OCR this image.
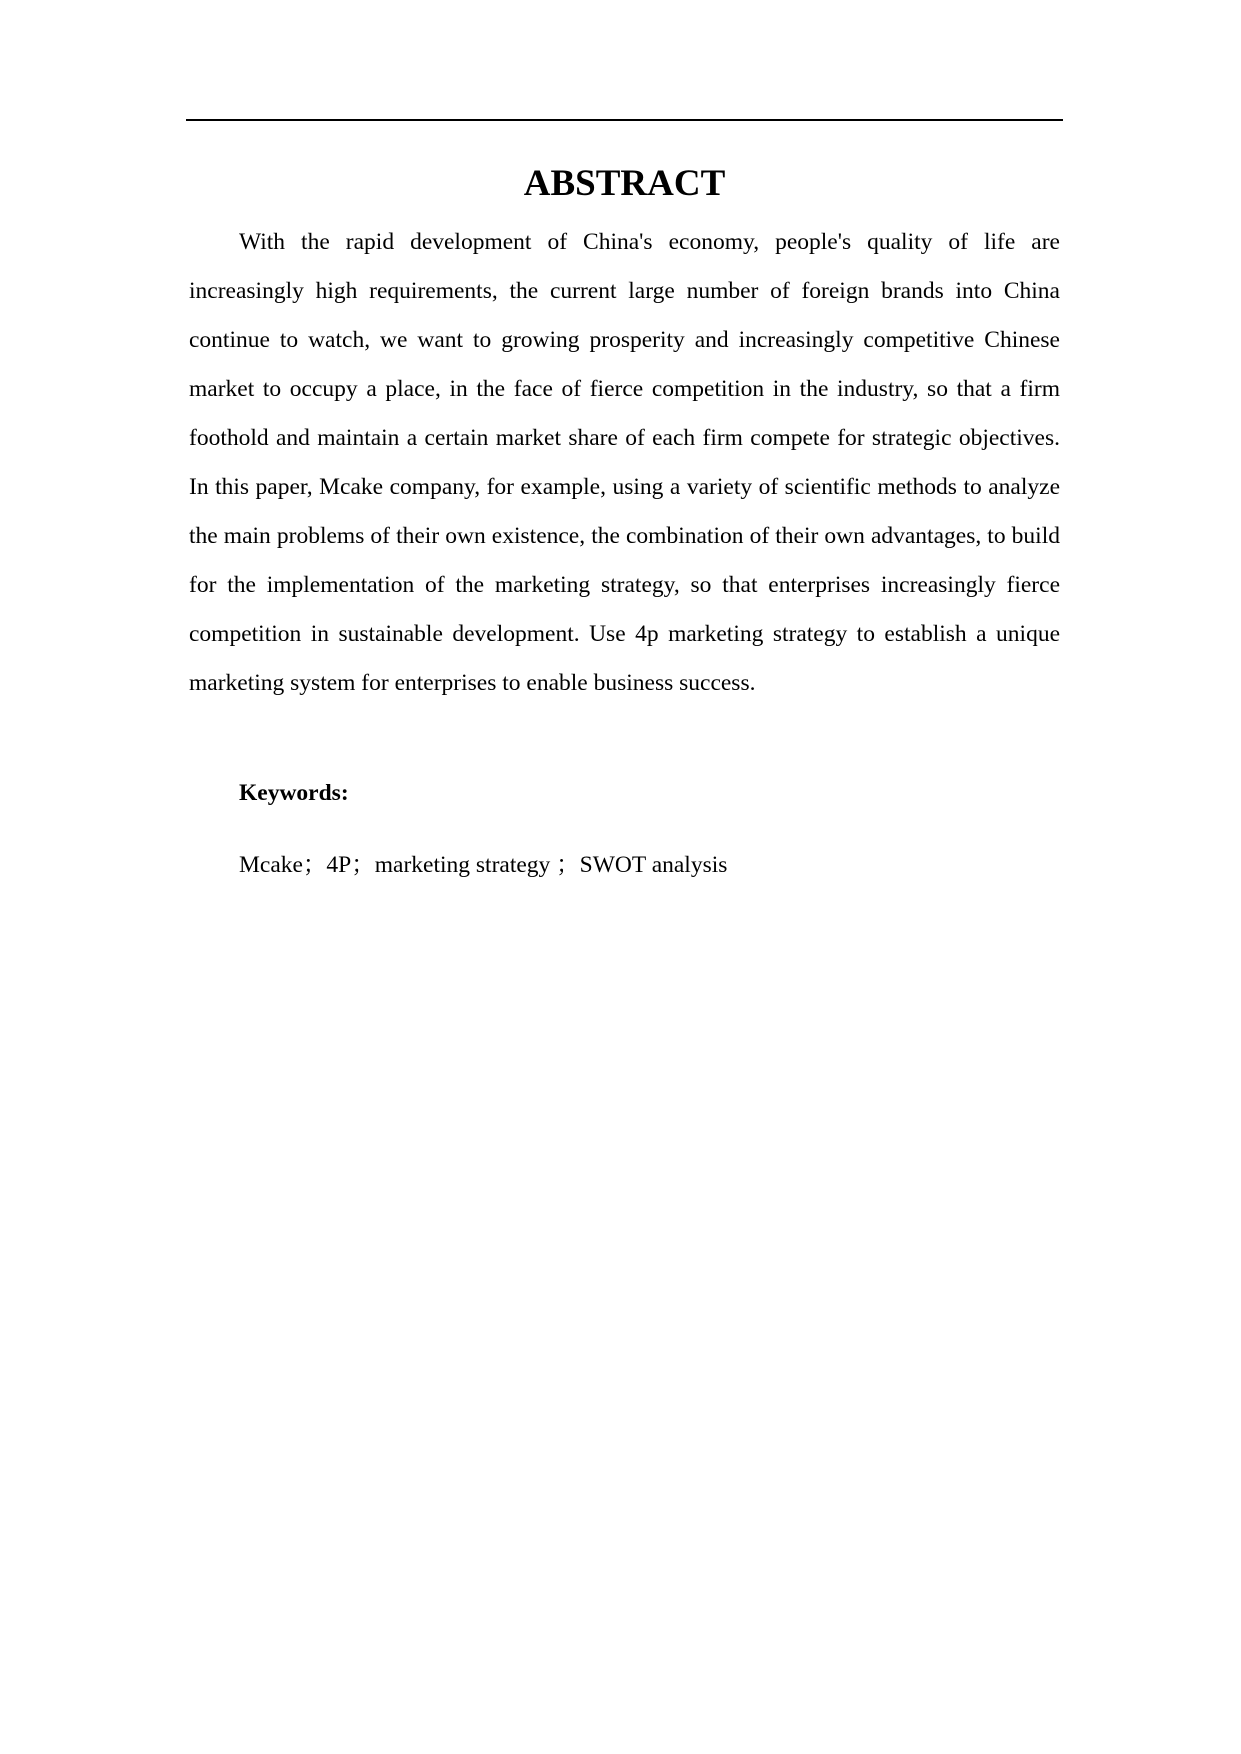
ABSTRACT

With the rapid development of China's economy, people's quality of life are increasingly high requirements, the current large number of foreign brands into China continue to watch, we want to growing prosperity and increasingly competitive Chinese market to occupy a place, in the face of fierce competition in the industry, so that a firm foothold and maintain a certain market share of each firm compete for strategic objectives. In this paper, Mcake company, for example, using a variety of scientific methods to analyze the main problems of their own existence, the combination of their own advantages, to build for the implementation of the marketing strategy, so that enterprises increasingly fierce competition in sustainable development. Use 4p marketing strategy to establish a unique marketing system for enterprises to enable business success.

Keywords:

Mcake；4P；marketing strategy ；SWOT analysis
